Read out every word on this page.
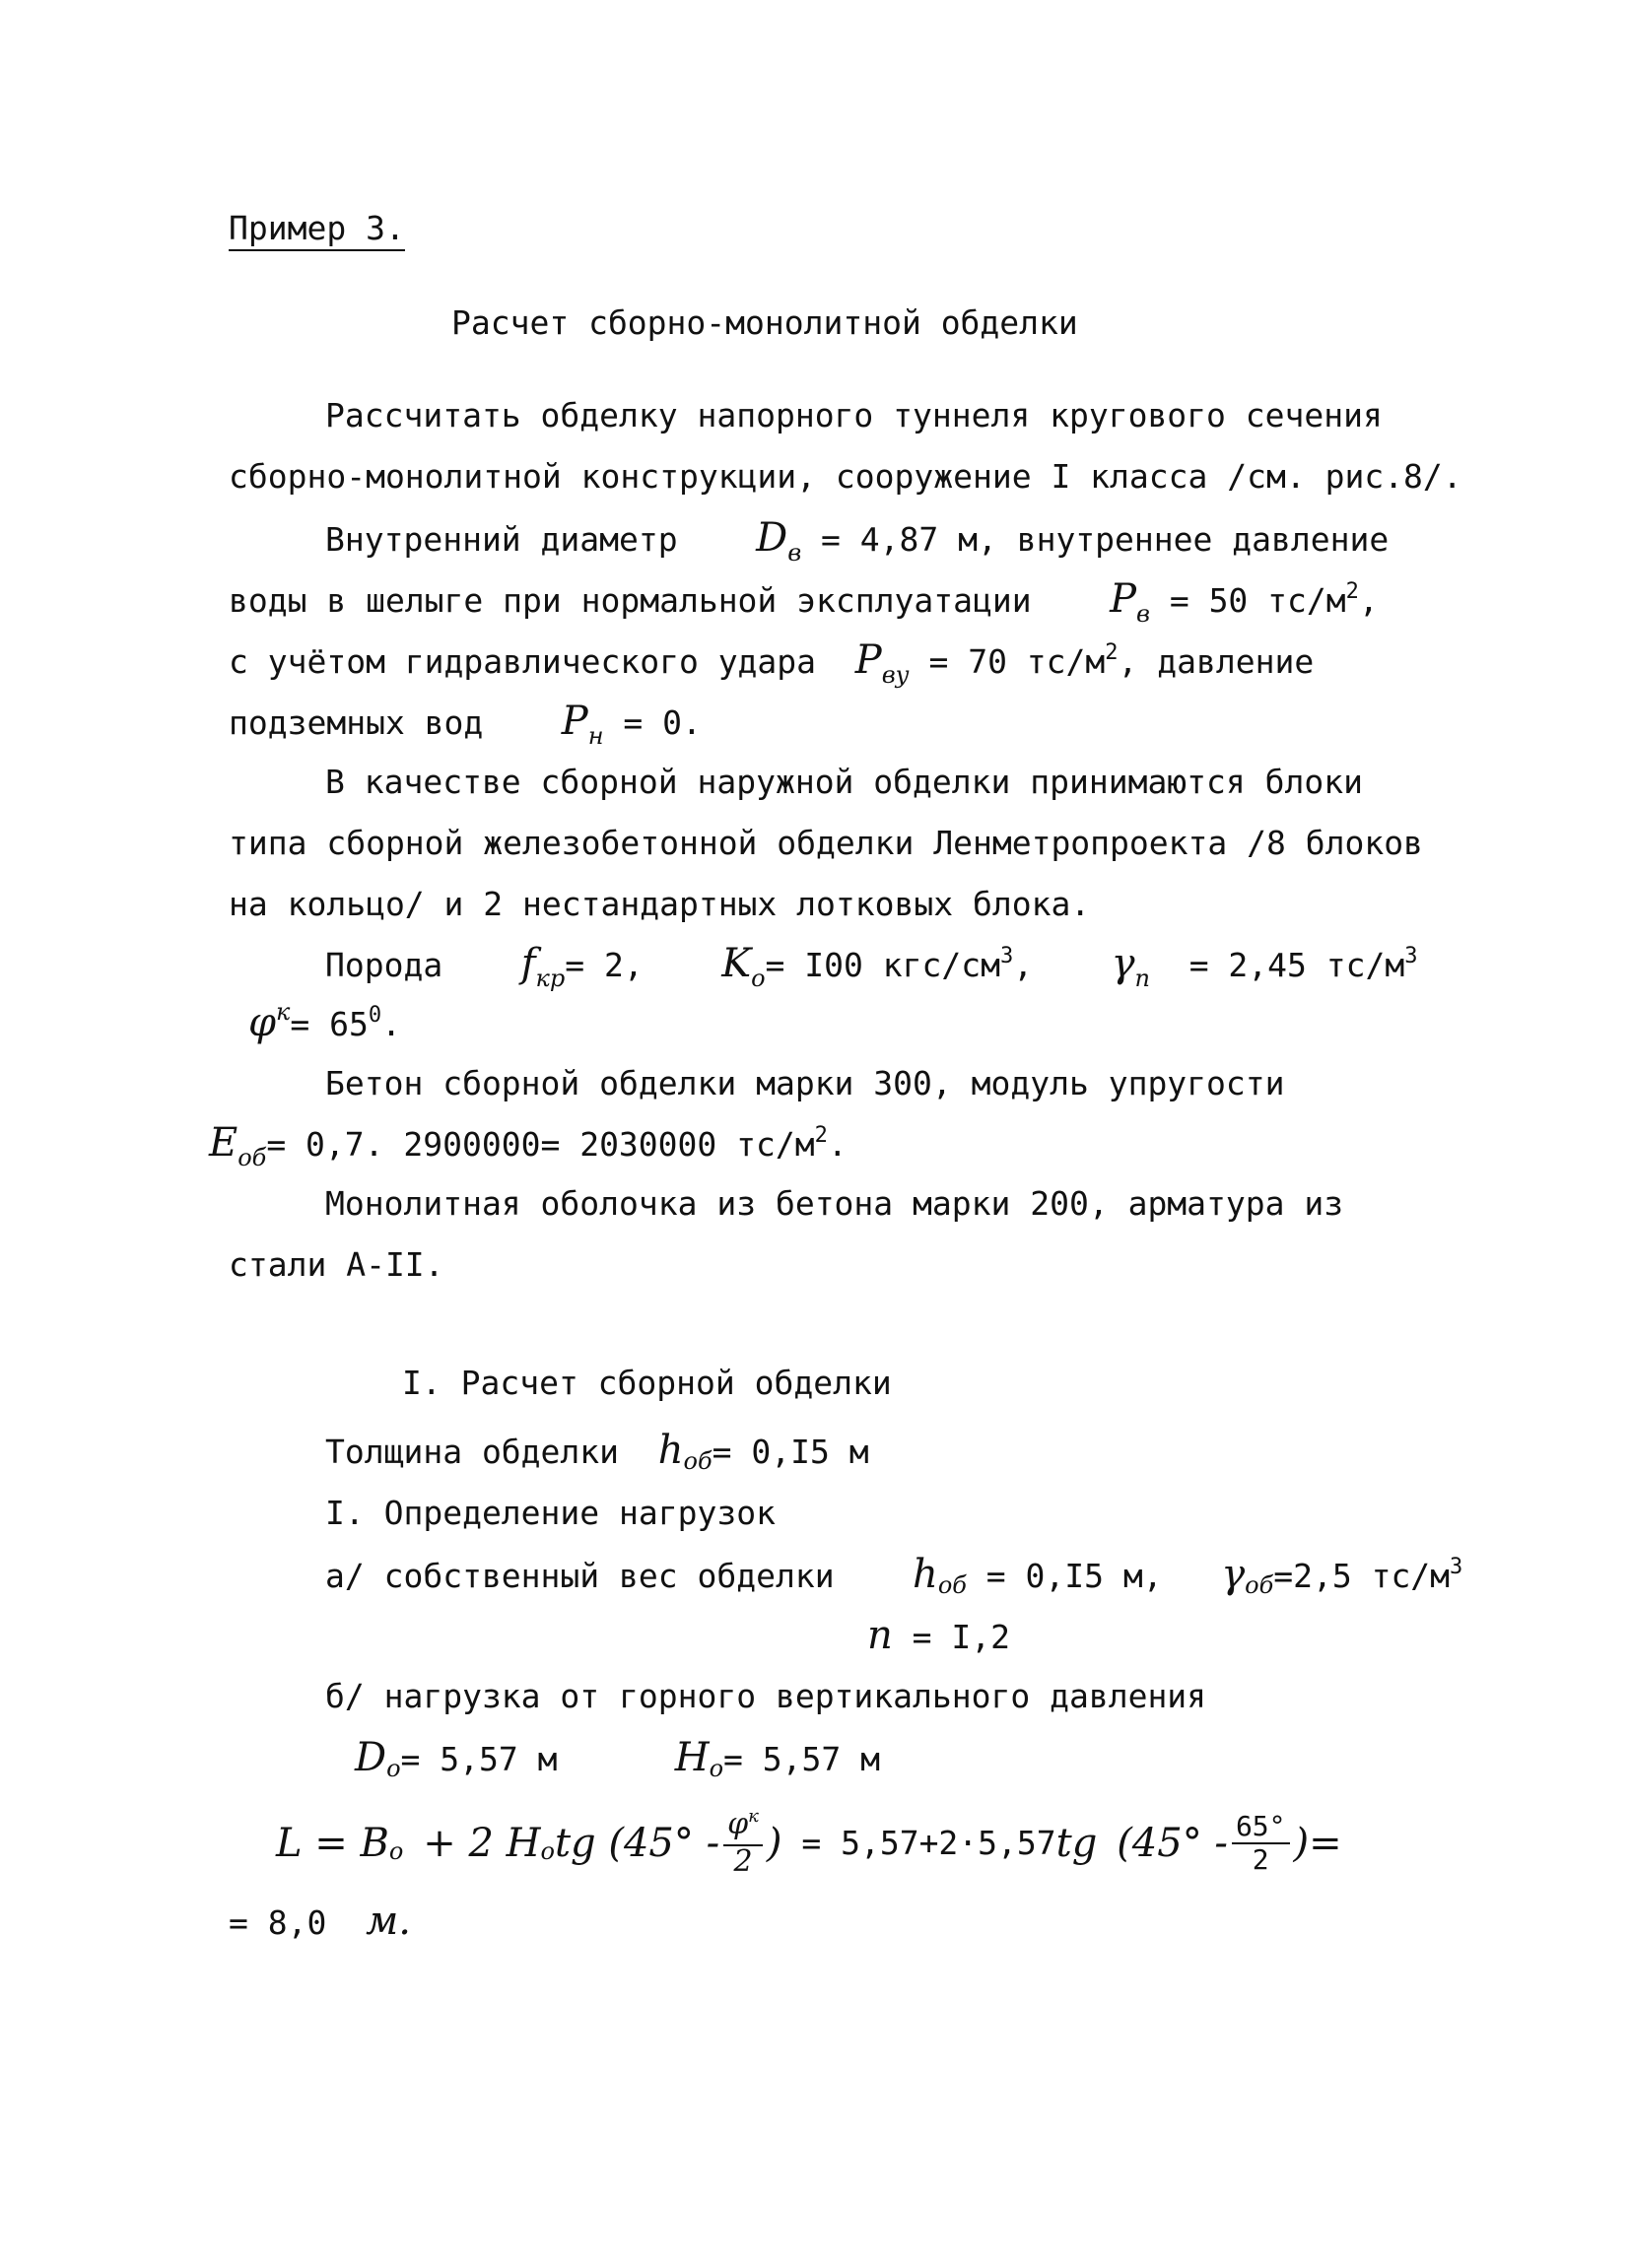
Пример 3.
Расчет сборно-монолитной обделки
Рассчитать обделку напорного туннеля кругового сечения
сборно-монолитной конструкции, сооружение I класса /см. рис.8/.
Внутренний диаметр $D_в = 4,87$ м, внутреннее давление
воды в шелыге при нормальной эксплуатации $P_в = 50$ $тс/м^2$,
с учётом гидравлического удара $P_{ву} = 70$ $тс/м^2$, давление
подземных вод $P_н = 0$.
В качестве сборной наружной обделки принимаются блоки
типа сборной железобетонной обделки Ленметропроекта /8 блоков
на кольцо/ и 2 нестандартных лотковых блока.
Порода $f_{кр}= 2$, $K_o= I00$ кгс/$см^3$, $\gamma_п = 2,45$ $тс/м^3$
$\varphi^к= 65^0$.
Бетон сборной обделки марки 300, модуль упругости
$E_{об}= 0,7$. 2900000= 2030000 $тс/м^2$.
Монолитная оболочка из бетона марки 200, арматура из
стали А-II.
I. Расчет сборной обделки
Толщина обделки hоб= 0,I5 м
I. Определение нагрузок
а/ собственный вес обделки hоб = 0,I5 м, γоб=2,5 $тс/м^3$
n = I,2
б/ нагрузка от горного вертикального давления
Dо= 5,57 м	Ho= 5,57 м
L = B o
+ 2 H o tg ($45^\circ - \frac{\varphi^к}{2}$ )
= 5,57+2·5,57 tg
($45^\circ - \frac{65^\circ}{2}$ )=
= 8,0 м.
